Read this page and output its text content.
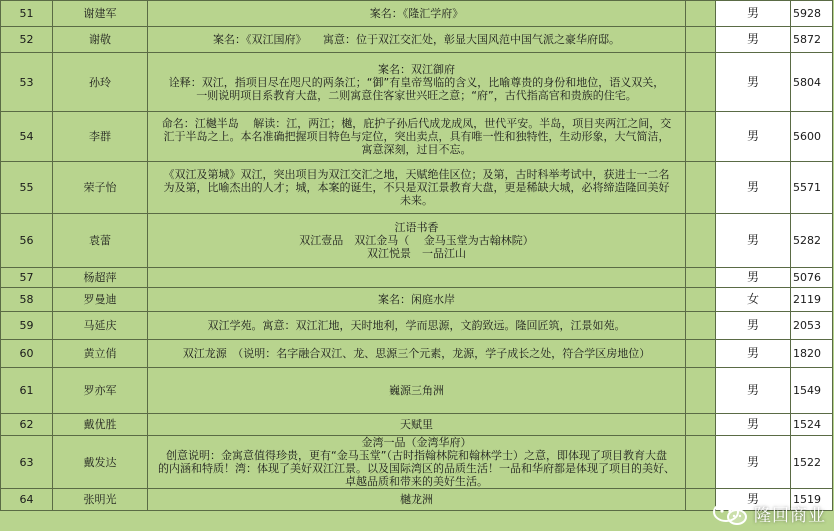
51	谢建军	案名：《隆汇学府》		男	5928
52	谢敬	案名：《双江国府》　　寓意：位于双江交汇处，彰显大国风范中国气派之豪华府邸。		男	5872
53	孙玲	案名：双江御府
诠释：双江，指项目尽在咫尺的两条江；“御”有皇帝驾临的含义，比喻尊贵的身份和地位，语义双关，
一则说明项目系教育大盘，二则寓意住客家世兴旺之意；“府”，古代指高官和贵族的住宅。		男	5804
54	李群	命名：江樾半岛　 解读：江，两江；樾，庇护子孙后代成龙成凤，世代平安。半岛，项目夹两江之间，交
汇于半岛之上。本名准确把握项目特色与定位，突出卖点，具有唯一性和独特性，生动形象，大气简洁，
寓意深刻，过目不忘。		男	5600
55	荣子怡	《双江及第城》双江，突出项目为双江交汇之地，天赋绝佳区位；及第，古时科举考试中，获进士一二名
为及第，比喻杰出的人才；城，本案的诞生，不只是双江景教育大盘，更是稀缺大城，必将缔造隆回美好
未来。		男	5571
56	袁蕾	江语书香
双江壹品　双江金马（　 金马玉堂为古翰林院）
双江悦景　一品江山		男	5282
57	杨超萍			男	5076
58	罗曼迪	案名：闲庭水岸		女	2119
59	马延庆	双江学苑。寓意：双江汇地，天时地利，学而思源，文韵致远。隆回匠筑，江景如苑。		男	2053
60	黄立俏	双江龙源　（说明：名字融合双江、龙、思源三个元素，龙源，学子成长之处，符合学区房地位）		男	1820
61	罗亦军	巍源三角洲		男	1549
62	戴优胜	天赋里		男	1524
63	戴发达	金湾一品（金湾华府）
创意说明：金寓意值得珍贵，更有“金马玉堂”（古时指翰林院和翰林学士）之意，即体现了项目教育大盘
的内涵和特质！湾：体现了美好双江江景。以及国际湾区的品质生活！一品和华府都是体现了项目的美好、
卓越品质和带来的美好生活。		男	1522
64	张明光	樾龙洲		男	1519
隆回商业
